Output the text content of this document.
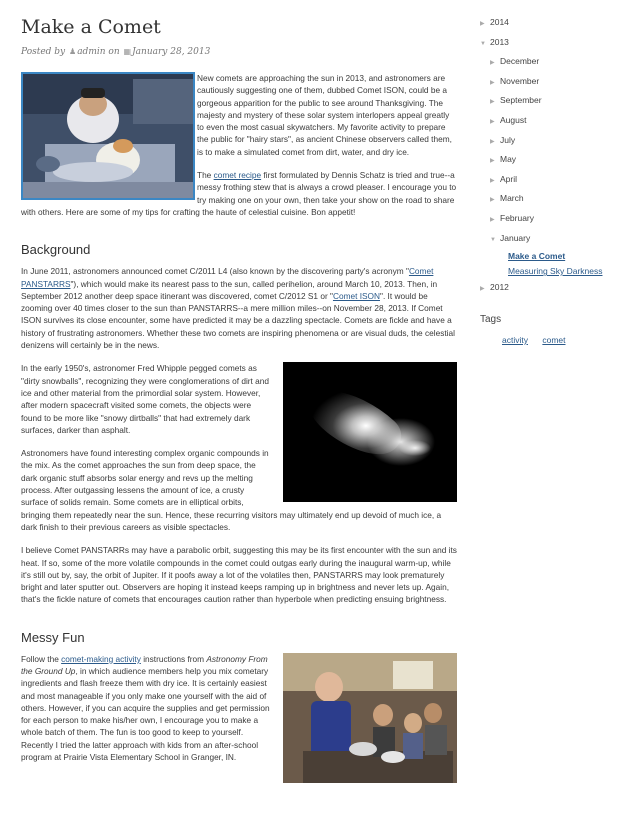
Make a Comet
Posted by ♟admin on ▦January 28, 2013

New comets are approaching the sun in 2013, and astronomers are cautiously suggesting one of them, dubbed Comet ISON, could be a gorgeous apparition for the public to see around Thanksgiving. The majesty and mystery of these solar system interlopers appeal greatly to even the most casual skywatchers. My favorite activity to prepare the public for "hairy stars", as ancient Chinese observers called them, is to make a simulated comet from dirt, water, and dry ice.

The comet recipe first formulated by Dennis Schatz is tried and true--a messy frothing stew that is always a crowd pleaser. I encourage you to try making one on your own, then take your show on the road to share with others. Here are some of my tips for crafting the haute of celestial cuisine. Bon appetit!

Background

In June 2011, astronomers announced comet C/2011 L4 (also known by the discovering party's acronym "Comet PANSTARRS"), which would make its nearest pass to the sun, called perihelion, around March 10, 2013. Then, in September 2012 another deep space itinerant was discovered, comet C/2012 S1 or "Comet ISON". It would be zooming over 40 times closer to the sun than PANSTARRS--a mere million miles--on November 28, 2013. If Comet ISON survives its close encounter, some have predicted it may be a dazzling spectacle. Comets are fickle and have a history of frustrating astronomers. Whether these two comets are inspiring phenomena or are visual duds, the celestial denizens will certainly be in the news.

In the early 1950's, astronomer Fred Whipple pegged comets as "dirty snowballs", recognizing they were conglomerations of dirt and ice and other material from the primordial solar system. However, after modern spacecraft visited some comets, the objects were found to be more like "snowy dirtballs" that had extremely dark surfaces, darker than asphalt.

Astronomers have found interesting complex organic compounds in the mix. As the comet approaches the sun from deep space, the dark organic stuff absorbs solar energy and revs up the melting process. After outgassing lessens the amount of ice, a crusty surface of solids remain. Some comets are in elliptical orbits, bringing them repeatedly near the sun. Hence, these recurring visitors may ultimately end up devoid of much ice, a dark finish to their previous careers as visible spectacles.

I believe Comet PANSTARRs may have a parabolic orbit, suggesting this may be its first encounter with the sun and its heat. If so, some of the more volatile compounds in the comet could outgas early during the inaugural warm-up, while it's still out by, say, the orbit of Jupiter. If it poofs away a lot of the volatiles then, PANSTARRS may look prematurely bright and later sputter out. Observers are hoping it instead keeps ramping up in brightness and never lets up. Again, that's the fickle nature of comets that encourages caution rather than hyperbole when predicting ensuing brightness.

Messy Fun

Follow the comet-making activity instructions from Astronomy From the Ground Up, in which audience members help you mix cometary ingredients and flash freeze them with dry ice. It is certainly easiest and most manageable if you only make one yourself with the aid of others. However, if you can acquire the supplies and get permission for each person to make his/her own, I encourage you to make a whole batch of them. The fun is too good to keep to yourself. Recently I tried the latter approach with kids from an after-school program at Prairie Vista Elementary School in Granger, IN.

▶ 2014
▼ 2013
▶ December
▶ November
▶ September
▶ August
▶ July
▶ May
▶ April
▶ March
▶ February
▼ January
Make a Comet
Measuring Sky Darkness
▶ 2012
Tags
activity comet
